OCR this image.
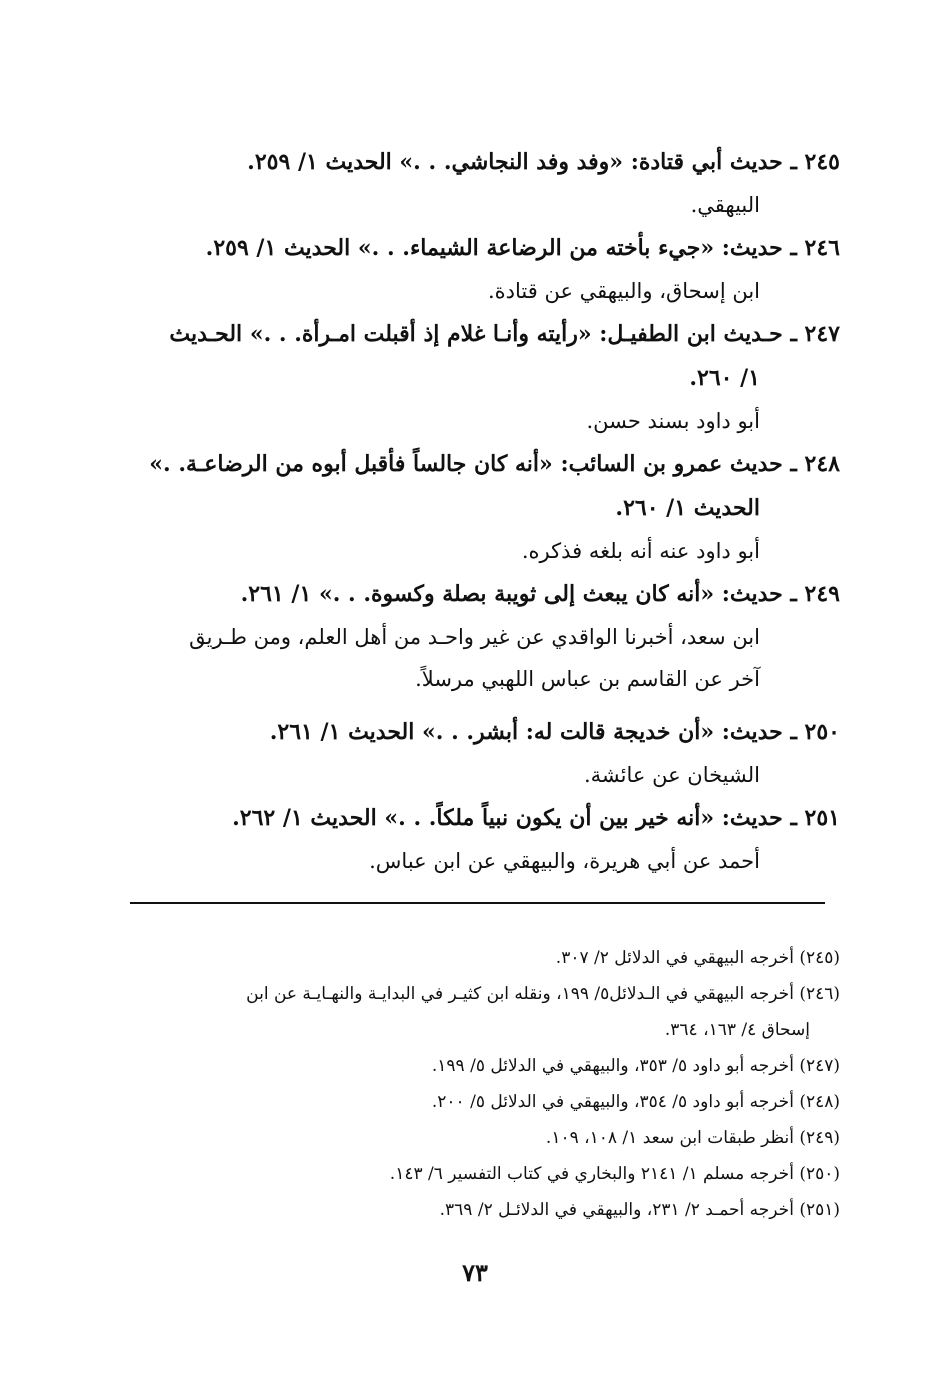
٢٤٥ ـ حديث أبي قتادة: «وفد وفد النجاشي. . .» الحديث ١/ ٢٥٩.

البيهقي.

٢٤٦ ـ حديث: «جيء بأخته من الرضاعة الشيماء. . .» الحديث ١/ ٢٥٩.

ابن إسحاق، والبيهقي عن قتادة.

٢٤٧ ـ حـديث ابن الطفيـل: «رأيته وأنـا غلام إذ أقبلت امـرأة. . .» الحـديث

١/ ٢٦٠.

أبو داود بسند حسن.

٢٤٨ ـ حديث عمرو بن السائب: «أنه كان جالساً فأقبل أبوه من الرضاعـة. .»

الحديث ١/ ٢٦٠.

أبو داود عنه أنه بلغه فذكره.

٢٤٩ ـ حديث: «أنه كان يبعث إلى ثويبة بصلة وكسوة. . .» ١/ ٢٦١.

ابن سعد، أخبرنا الواقدي عن غير واحـد من أهل العلم، ومن طـريق

آخر عن القاسم بن عباس اللهبي مرسلاً.

٢٥٠ ـ حديث: «أن خديجة قالت له: أبشر. . .» الحديث ١/ ٢٦١.

الشيخان عن عائشة.

٢٥١ ـ حديث: «أنه خير بين أن يكون نبياً ملكاً. . .» الحديث ١/ ٢٦٢.

أحمد عن أبي هريرة، والبيهقي عن ابن عباس.

(٢٤٥) أخرجه البيهقي في الدلائل ٢/ ٣٠٧.

(٢٤٦) أخرجه البيهقي في الـدلائل٥/ ١٩٩، ونقله ابن كثيـر في البدايـة والنهـايـة عن ابن

إسحاق ٤/ ١٦٣، ٣٦٤.

(٢٤٧) أخرجه أبو داود ٥/ ٣٥٣، والبيهقي في الدلائل ٥/ ١٩٩.

(٢٤٨) أخرجه أبو داود ٥/ ٣٥٤، والبيهقي في الدلائل ٥/ ٢٠٠.

(٢٤٩) أنظر طبقات ابن سعد ١/ ١٠٨، ١٠٩.

(٢٥٠) أخرجه مسلم ١/ ٢١٤١ والبخاري في كتاب التفسير ٦/ ١٤٣.

(٢٥١) أخرجه أحمـد ٢/ ٢٣١، والبيهقي في الدلائـل ٢/ ٣٦٩.

٧٣
